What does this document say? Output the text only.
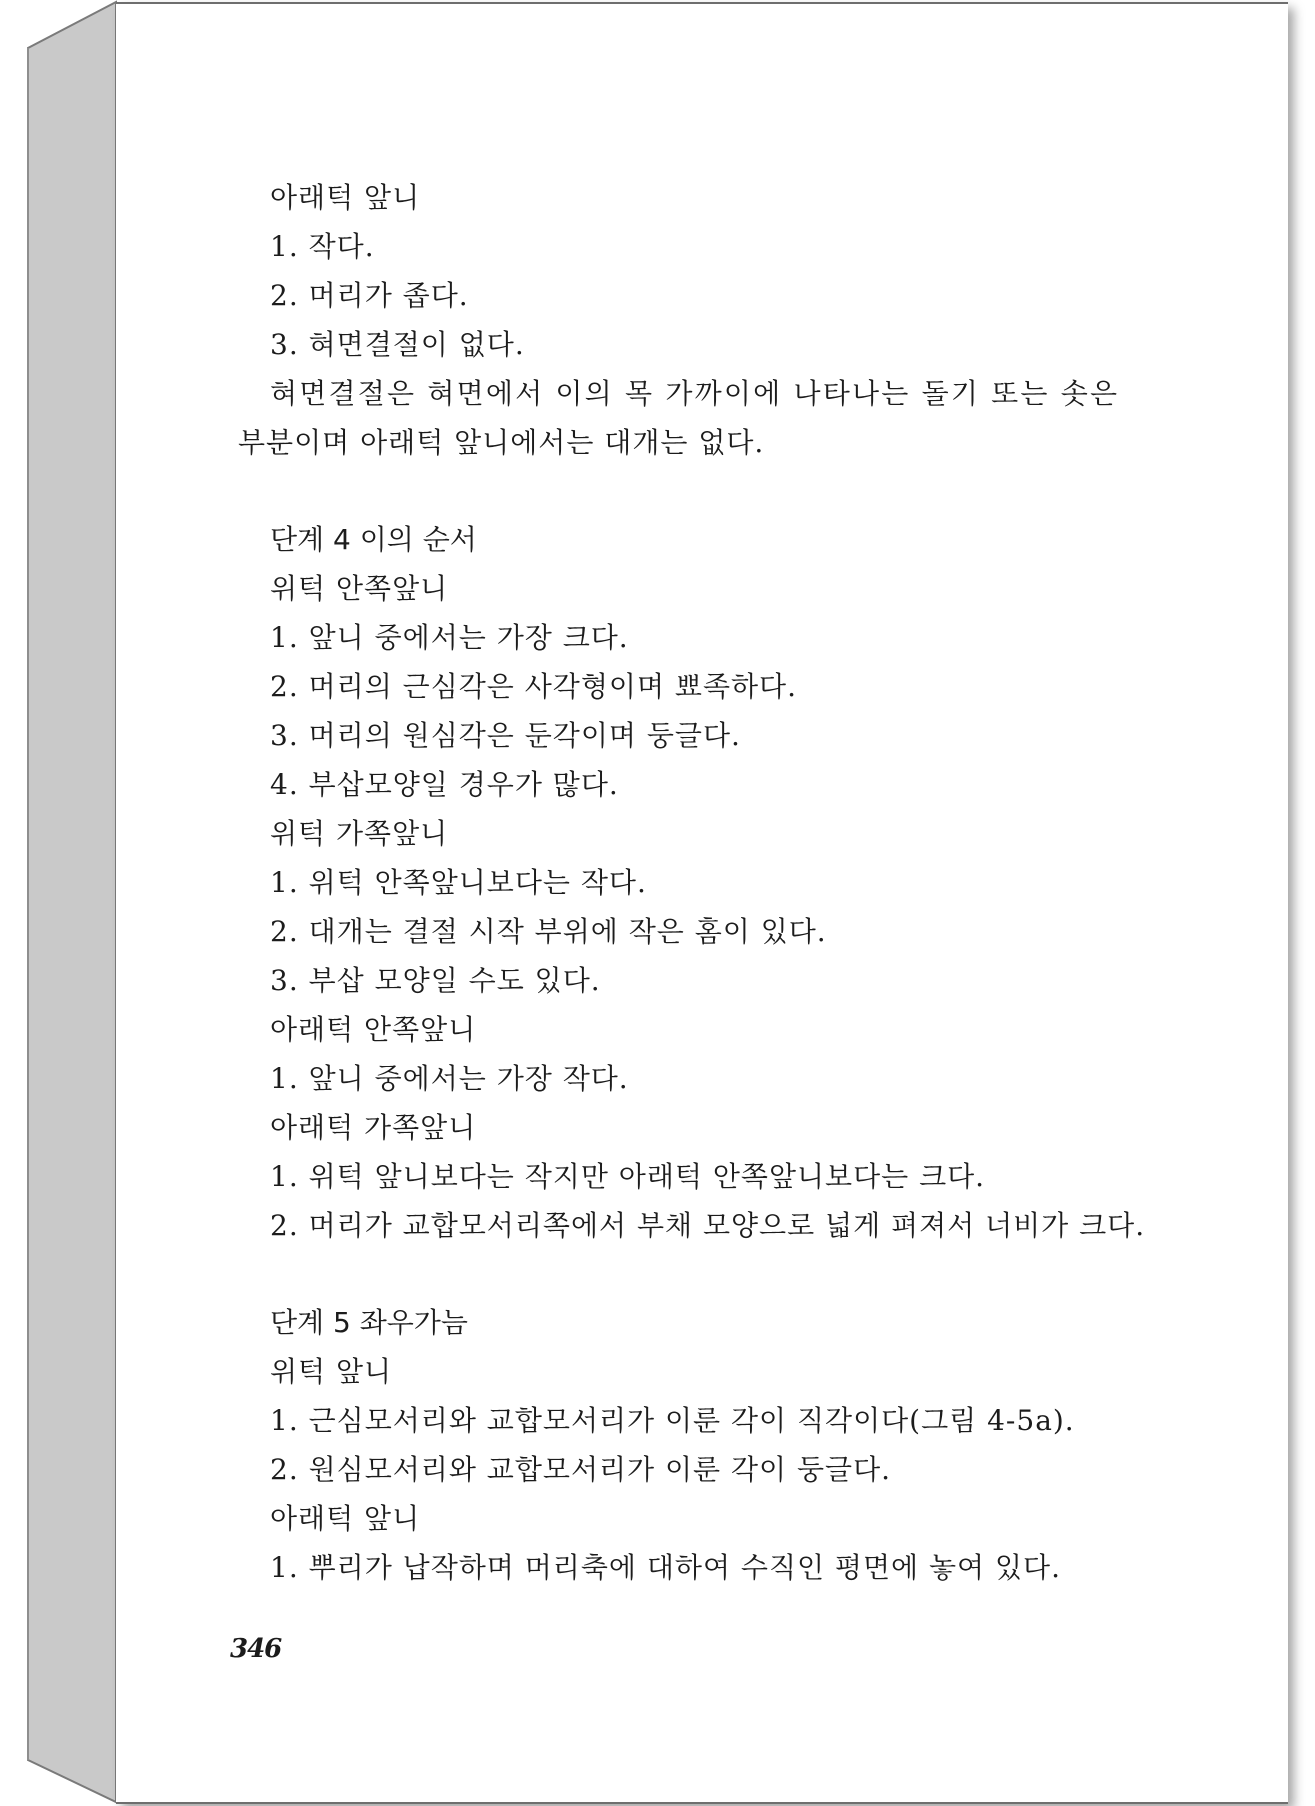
아래턱 앞니
1. 작다.
2. 머리가 좁다.
3. 혀면결절이 없다.
혀면결절은 혀면에서 이의 목 가까이에 나타나는 돌기 또는 솟은
부분이며 아래턱 앞니에서는 대개는 없다.
단계 4 이의 순서
위턱 안쪽앞니
1. 앞니 중에서는 가장 크다.
2. 머리의 근심각은 사각형이며 뾰족하다.
3. 머리의 원심각은 둔각이며 둥글다.
4. 부삽모양일 경우가 많다.
위턱 가쪽앞니
1. 위턱 안쪽앞니보다는 작다.
2. 대개는 결절 시작 부위에 작은 홈이 있다.
3. 부삽 모양일 수도 있다.
아래턱 안쪽앞니
1. 앞니 중에서는 가장 작다.
아래턱 가쪽앞니
1. 위턱 앞니보다는 작지만 아래턱 안쪽앞니보다는 크다.
2. 머리가 교합모서리쪽에서 부채 모양으로 넓게 펴져서 너비가 크다.
단계 5 좌우가늠
위턱 앞니
1. 근심모서리와 교합모서리가 이룬 각이 직각이다(그림 4-5a).
2. 원심모서리와 교합모서리가 이룬 각이 둥글다.
아래턱 앞니
1. 뿌리가 납작하며 머리축에 대하여 수직인 평면에 놓여 있다.
346
